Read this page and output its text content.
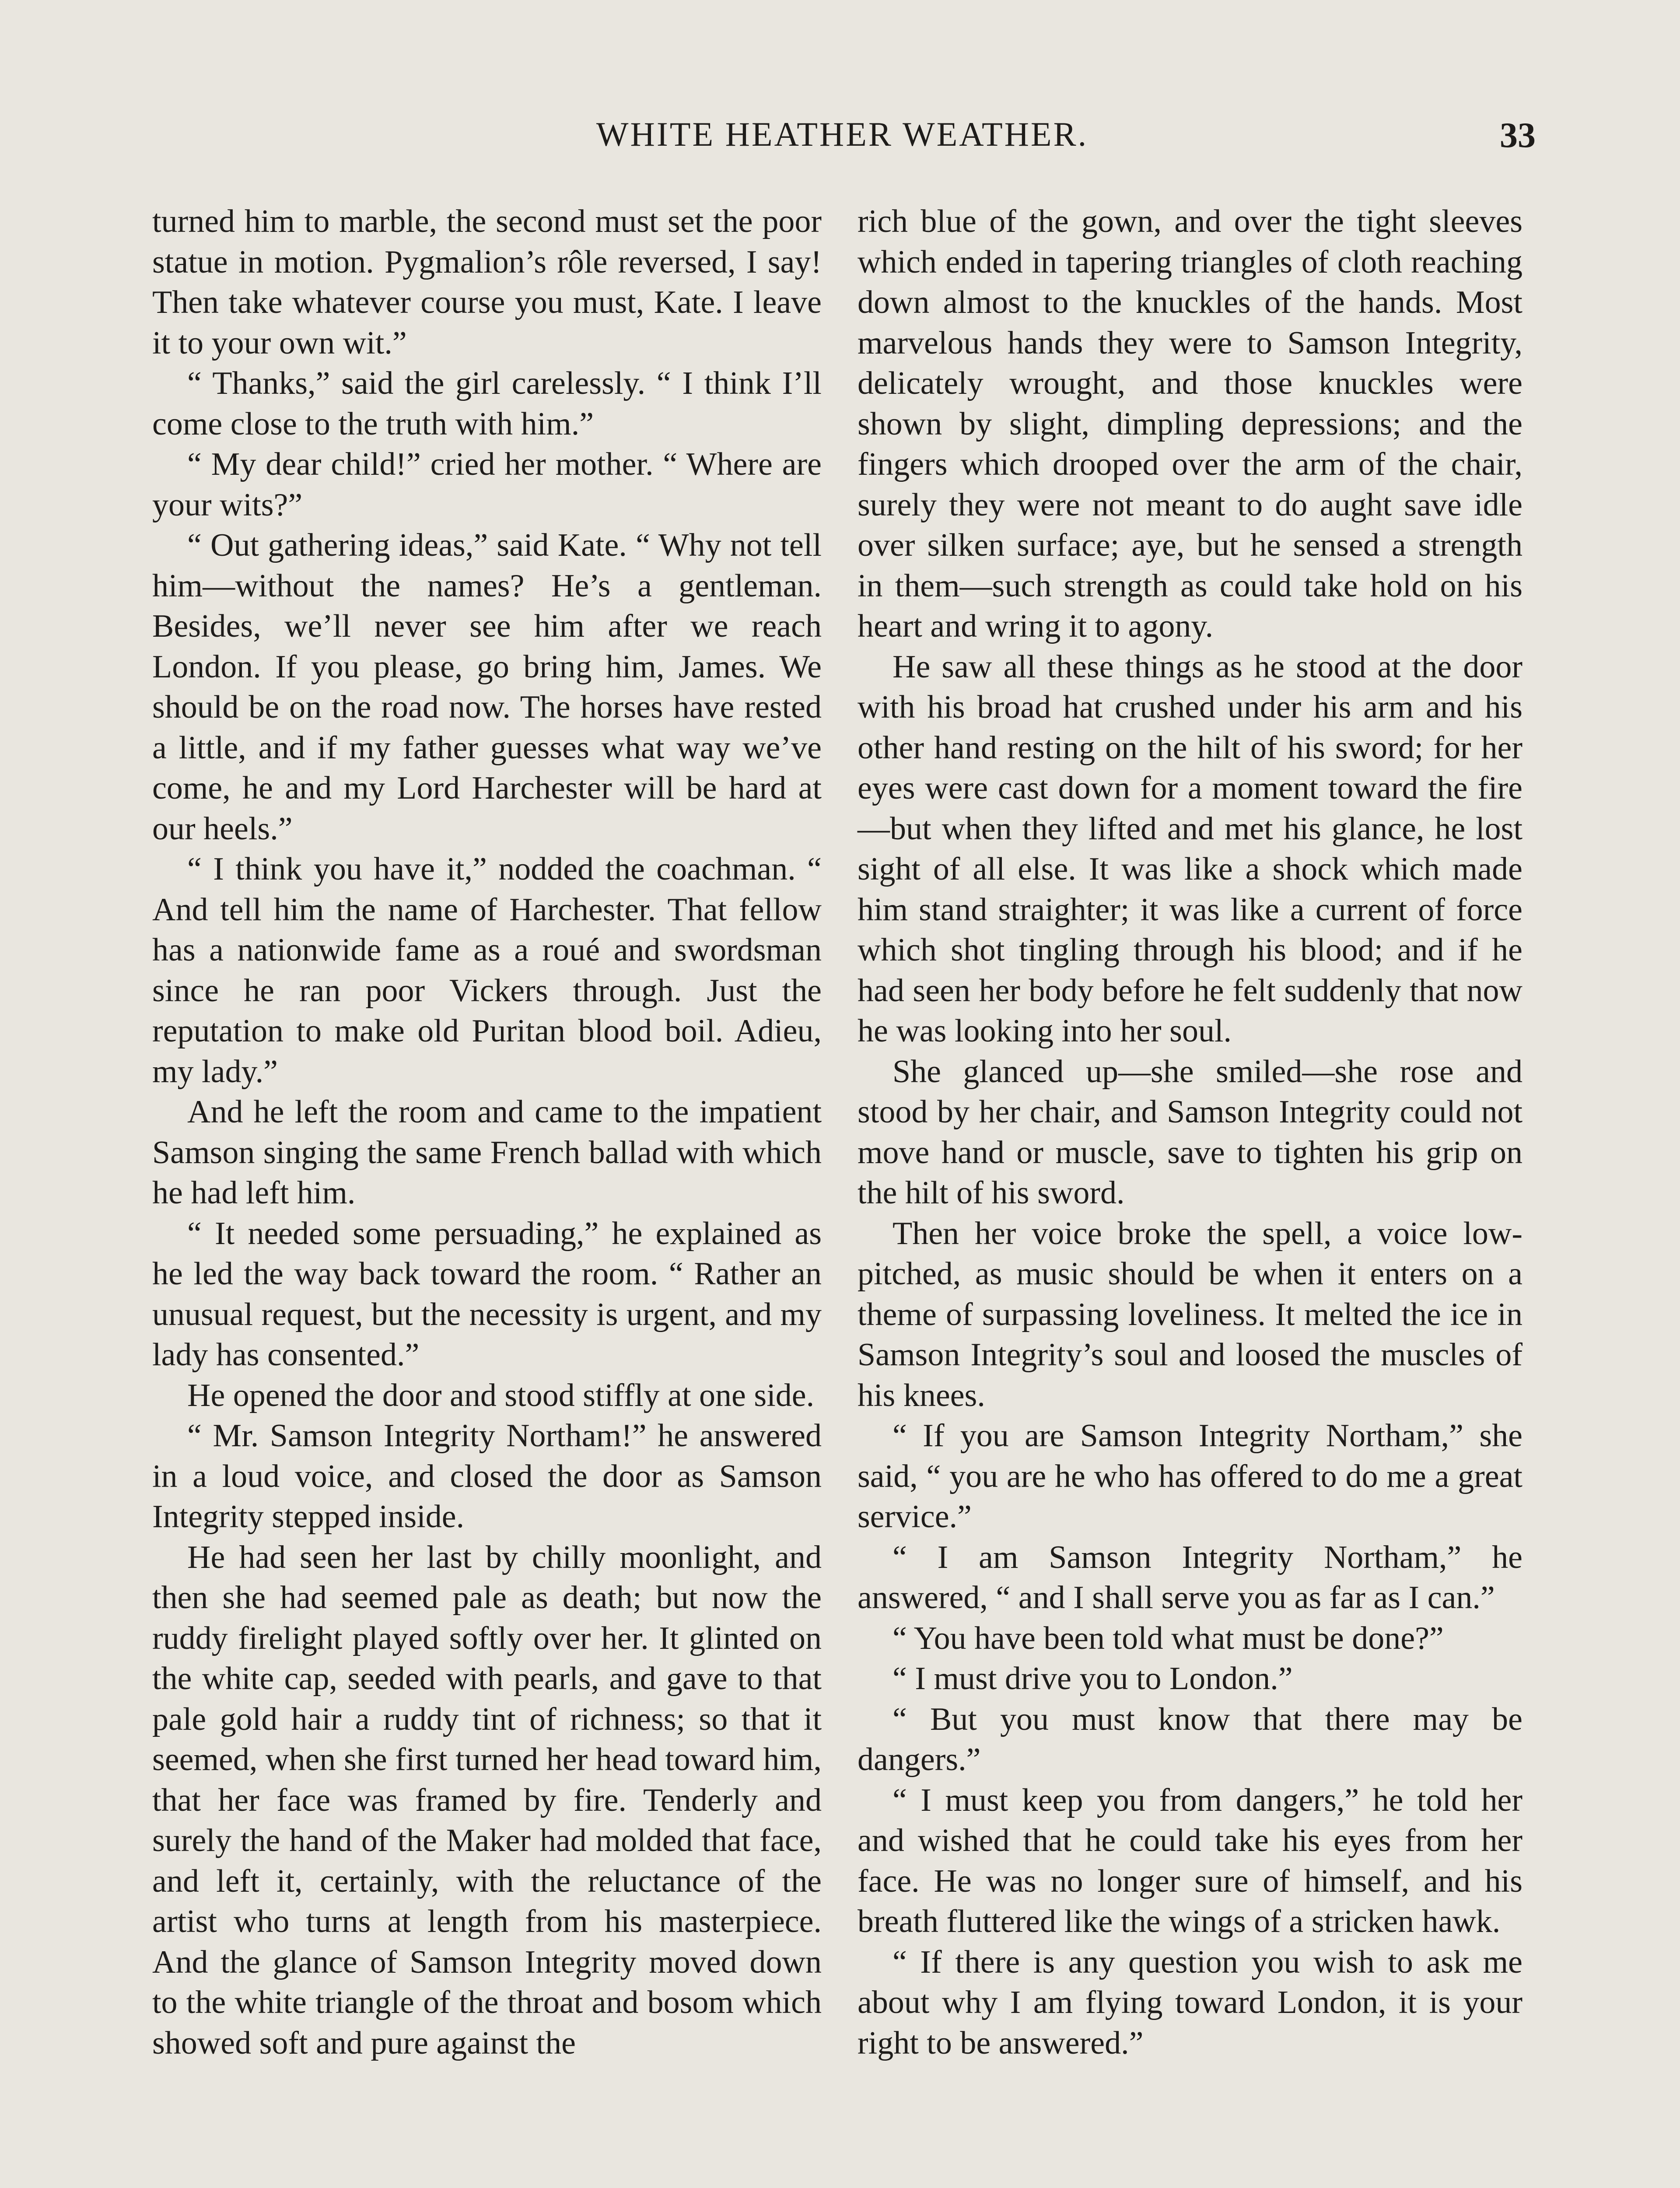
WHITE HEATHER WEATHER.	33

turned him to marble, the second must set the poor statue in motion. Pygmalion’s rôle reversed, I say! Then take whatever course you must, Kate. I leave it to your own wit.”

“ Thanks,” said the girl carelessly. “ I think I’ll come close to the truth with him.”

“ My dear child!” cried her mother. “ Where are your wits?”

“ Out gathering ideas,” said Kate. “ Why not tell him—without the names? He’s a gentleman. Besides, we’ll never see him after we reach London. If you please, go bring him, James. We should be on the road now. The horses have rested a little, and if my father guesses what way we’ve come, he and my Lord Harchester will be hard at our heels.”

“ I think you have it,” nodded the coachman. “ And tell him the name of Harchester. That fellow has a nationwide fame as a roué and swordsman since he ran poor Vickers through. Just the reputation to make old Puritan blood boil. Adieu, my lady.”

And he left the room and came to the impatient Samson singing the same French ballad with which he had left him.

“ It needed some persuading,” he explained as he led the way back toward the room. “ Rather an unusual request, but the necessity is urgent, and my lady has consented.”

He opened the door and stood stiffly at one side.

“ Mr. Samson Integrity Northam!” he answered in a loud voice, and closed the door as Samson Integrity stepped inside.

He had seen her last by chilly moonlight, and then she had seemed pale as death; but now the ruddy firelight played softly over her. It glinted on the white cap, seeded with pearls, and gave to that pale gold hair a ruddy tint of richness; so that it seemed, when she first turned her head toward him, that her face was framed by fire. Tenderly and surely the hand of the Maker had molded that face, and left it, certainly, with the reluctance of the artist who turns at length from his masterpiece. And the glance of Samson Integrity moved down to the white triangle of the throat and bosom which showed soft and pure against the

rich blue of the gown, and over the tight sleeves which ended in tapering triangles of cloth reaching down almost to the knuckles of the hands. Most marvelous hands they were to Samson Integrity, delicately wrought, and those knuckles were shown by slight, dimpling depressions; and the fingers which drooped over the arm of the chair, surely they were not meant to do aught save idle over silken surface; aye, but he sensed a strength in them—such strength as could take hold on his heart and wring it to agony.

He saw all these things as he stood at the door with his broad hat crushed under his arm and his other hand resting on the hilt of his sword; for her eyes were cast down for a moment toward the fire—but when they lifted and met his glance, he lost sight of all else. It was like a shock which made him stand straighter; it was like a current of force which shot tingling through his blood; and if he had seen her body before he felt suddenly that now he was looking into her soul.

She glanced up—she smiled—she rose and stood by her chair, and Samson Integrity could not move hand or muscle, save to tighten his grip on the hilt of his sword.

Then her voice broke the spell, a voice low-pitched, as music should be when it enters on a theme of surpassing loveliness. It melted the ice in Samson Integrity’s soul and loosed the muscles of his knees.

“ If you are Samson Integrity Northam,” she said, “ you are he who has offered to do me a great service.”

“ I am Samson Integrity Northam,” he answered, “ and I shall serve you as far as I can.”

“ You have been told what must be done?”

“ I must drive you to London.”

“ But you must know that there may be dangers.”

“ I must keep you from dangers,” he told her and wished that he could take his eyes from her face. He was no longer sure of himself, and his breath fluttered like the wings of a stricken hawk.

“ If there is any question you wish to ask me about why I am flying toward London, it is your right to be answered.”
